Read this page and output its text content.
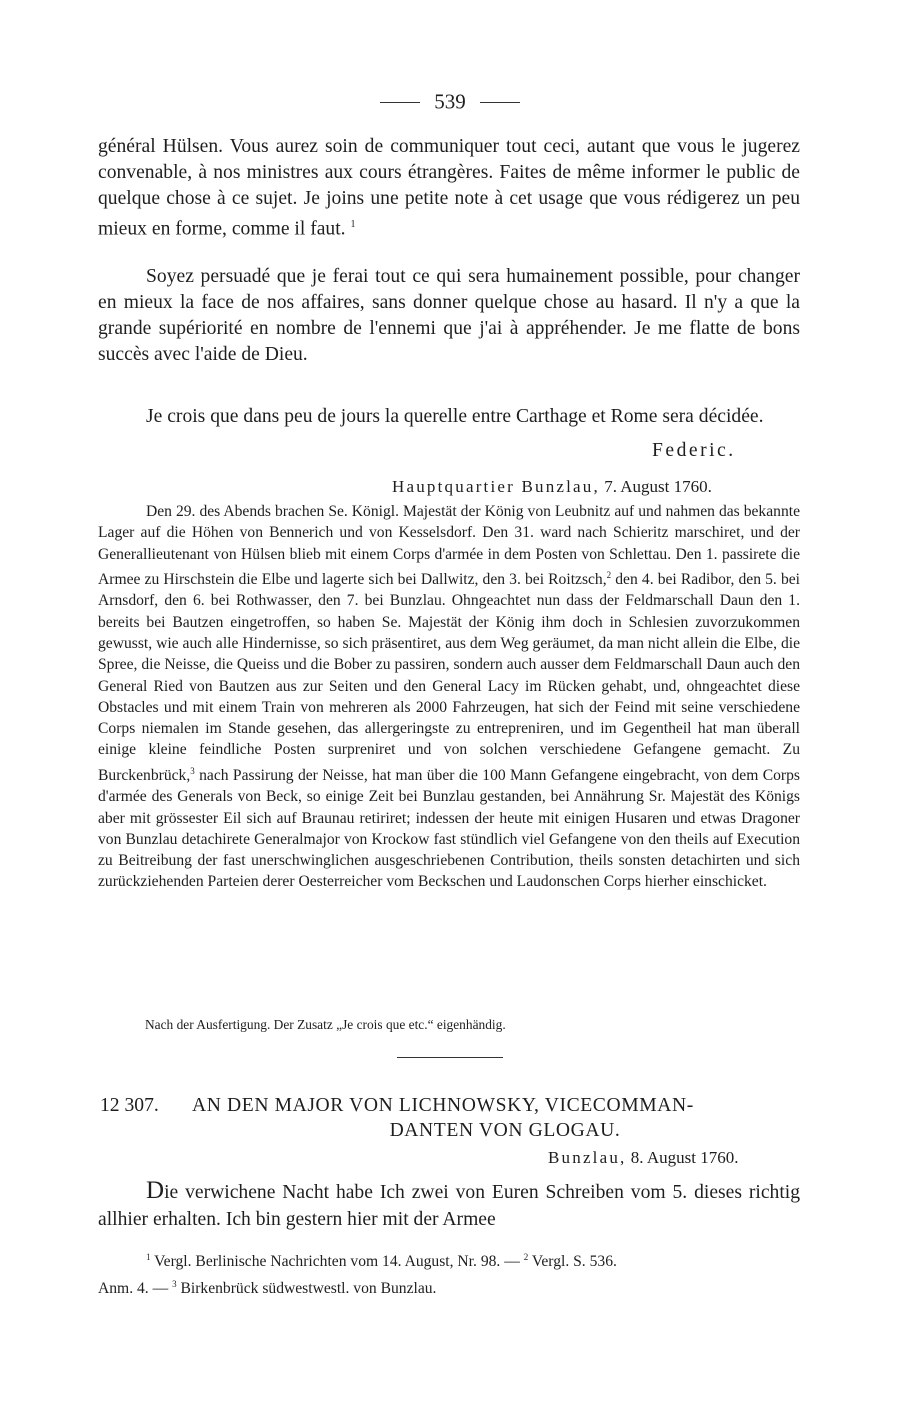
539

général Hülsen. Vous aurez soin de communiquer tout ceci, autant que vous le jugerez convenable, à nos ministres aux cours étrangères. Faites de même informer le public de quelque chose à ce sujet. Je joins une petite note à cet usage que vous rédigerez un peu mieux en forme, comme il faut. $^1$

Soyez persuadé que je ferai tout ce qui sera humainement possible, pour changer en mieux la face de nos affaires, sans donner quelque chose au hasard. Il n'y a que la grande supériorité en nombre de l'ennemi que j'ai à appréhender. Je me flatte de bons succès avec l'aide de Dieu.

Je crois que dans peu de jours la querelle entre Carthage et Rome sera décidée.

Federic.
Hauptquartier Bunzlau, 7. August 1760.

Den 29. des Abends brachen Se. Königl. Majestät der König von Leubnitz auf und nahmen das bekannte Lager auf die Höhen von Bennerich und von Kesselsdorf. Den 31. ward nach Schieritz marschiret, und der Generallieutenant von Hülsen blieb mit einem Corps d'armée in dem Posten von Schlettau. Den 1. passirete die Armee zu Hirschstein die Elbe und lagerte sich bei Dallwitz, den 3. bei Roitzsch,$^2$ den 4. bei Radibor, den 5. bei Arnsdorf, den 6. bei Rothwasser, den 7. bei Bunzlau. Ohngeachtet nun dass der Feldmarschall Daun den 1. bereits bei Bautzen eingetroffen, so haben Se. Majestät der König ihm doch in Schlesien zuvorzukommen gewusst, wie auch alle Hindernisse, so sich präsentiret, aus dem Weg geräumet, da man nicht allein die Elbe, die Spree, die Neisse, die Queiss und die Bober zu passiren, sondern auch ausser dem Feldmarschall Daun auch den General Ried von Bautzen aus zur Seiten und den General Lacy im Rücken gehabt, und, ohngeachtet diese Obstacles und mit einem Train von mehreren als 2000 Fahrzeugen, hat sich der Feind mit seine verschiedene Corps niemalen im Stande gesehen, das allergeringste zu entrepreniren, und im Gegentheil hat man überall einige kleine feindliche Posten surpreniret und von solchen verschiedene Gefangene gemacht. Zu Burckenbrück,$^3$ nach Passirung der Neisse, hat man über die 100 Mann Gefangene eingebracht, von dem Corps d'armée des Generals von Beck, so einige Zeit bei Bunzlau gestanden, bei Annährung Sr. Majestät des Königs aber mit grössester Eil sich auf Braunau retiriret; indessen der heute mit einigen Husaren und etwas Dragoner von Bunzlau detachirete Generalmajor von Krockow fast stündlich viel Gefangene von den theils auf Execution zu Beitreibung der fast unerschwinglichen ausgeschriebenen Contribution, theils sonsten detachirten und sich zurückziehenden Parteien derer Oesterreicher vom Beckschen und Laudonschen Corps hierher einschicket.

Nach der Ausfertigung. Der Zusatz „Je crois que etc.“ eigenhändig.
12 307. AN DEN MAJOR VON LICHNOWSKY, VICECOMMAN-
DANTEN VON GLOGAU.
Bunzlau, 8. August 1760.

Die verwichene Nacht habe Ich zwei von Euren Schreiben vom 5. dieses richtig allhier erhalten. Ich bin gestern hier mit der Armee

$^1$ Vergl. Berlinische Nachrichten vom 14. August, Nr. 98. — $^2$ Vergl. S. 536.

Anm. 4. — $^3$ Birkenbrück südwestwestl. von Bunzlau.
